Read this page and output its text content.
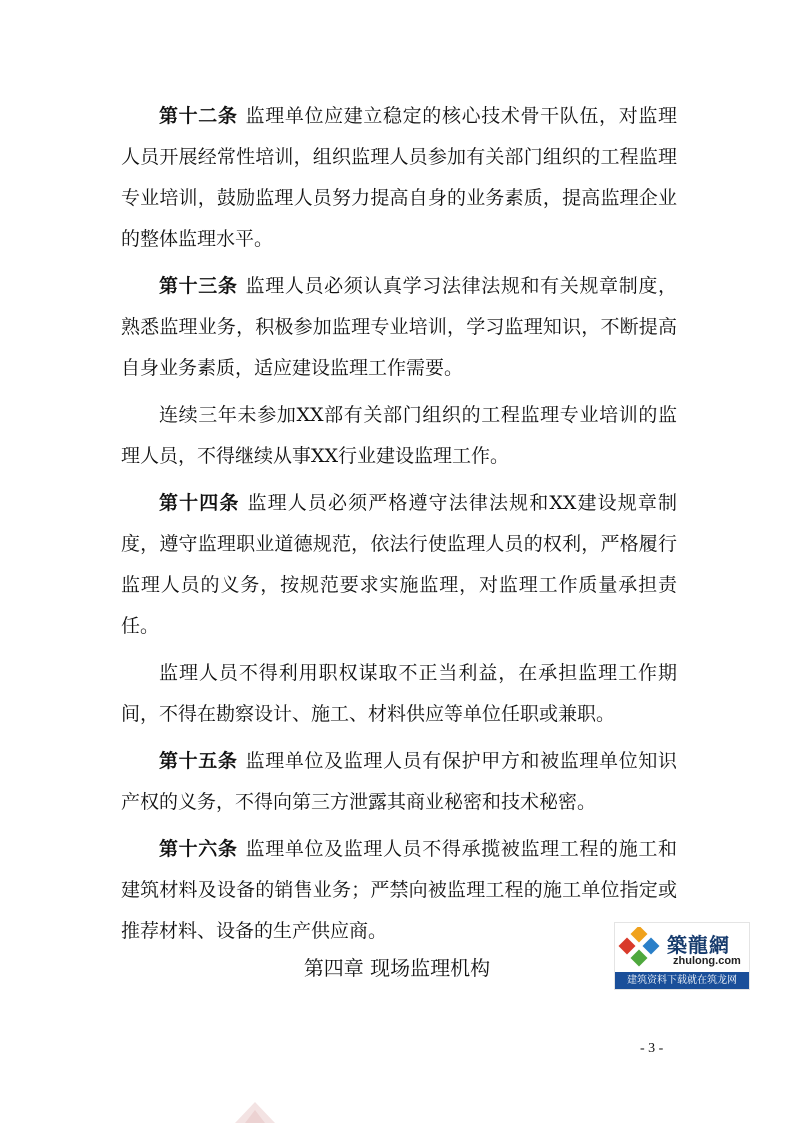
第十二条 监理单位应建立稳定的核心技术骨干队伍，对监理人员开展经常性培训，组织监理人员参加有关部门组织的工程监理专业培训，鼓励监理人员努力提高自身的业务素质，提高监理企业的整体监理水平。

第十三条 监理人员必须认真学习法律法规和有关规章制度，熟悉监理业务，积极参加监理专业培训，学习监理知识，不断提高自身业务素质，适应建设监理工作需要。

连续三年未参加XX部有关部门组织的工程监理专业培训的监理人员，不得继续从事XX行业建设监理工作。

第十四条 监理人员必须严格遵守法律法规和XX建设规章制度，遵守监理职业道德规范，依法行使监理人员的权利，严格履行监理人员的义务，按规范要求实施监理，对监理工作质量承担责任。

监理人员不得利用职权谋取不正当利益，在承担监理工作期间，不得在勘察设计、施工、材料供应等单位任职或兼职。

第十五条 监理单位及监理人员有保护甲方和被监理单位知识产权的义务，不得向第三方泄露其商业秘密和技术秘密。

第十六条 监理单位及监理人员不得承揽被监理工程的施工和建筑材料及设备的销售业务；严禁向被监理工程的施工单位指定或推荐材料、设备的生产供应商。

第四章 现场监理机构
築龍網
zhulong.com
建筑资料下载就在筑龙网
- 3 -
